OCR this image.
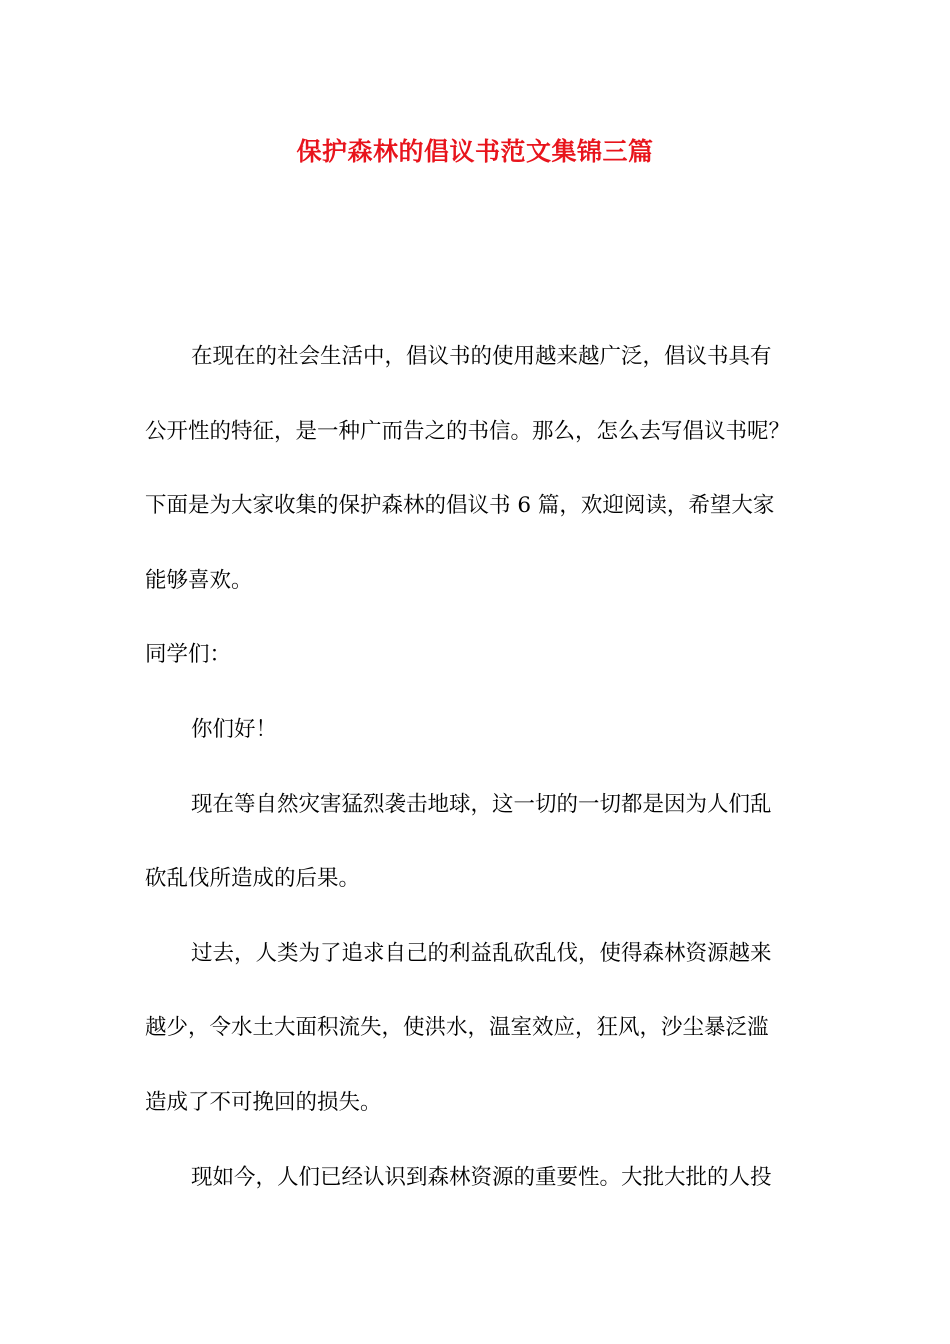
保护森林的倡议书范文集锦三篇
在现在的社会生活中，倡议书的使用越来越广泛，倡议书具有
公开性的特征，是一种广而告之的书信。那么，怎么去写倡议书呢？
下面是为大家收集的保护森林的倡议书 6 篇，欢迎阅读，希望大家
能够喜欢。
同学们：
你们好！
现在等自然灾害猛烈袭击地球，这一切的一切都是因为人们乱
砍乱伐所造成的后果。
过去，人类为了追求自己的利益乱砍乱伐，使得森林资源越来
越少，令水土大面积流失，使洪水，温室效应，狂风，沙尘暴泛滥
造成了不可挽回的损失。
现如今，人们已经认识到森林资源的重要性。大批大批的人投
